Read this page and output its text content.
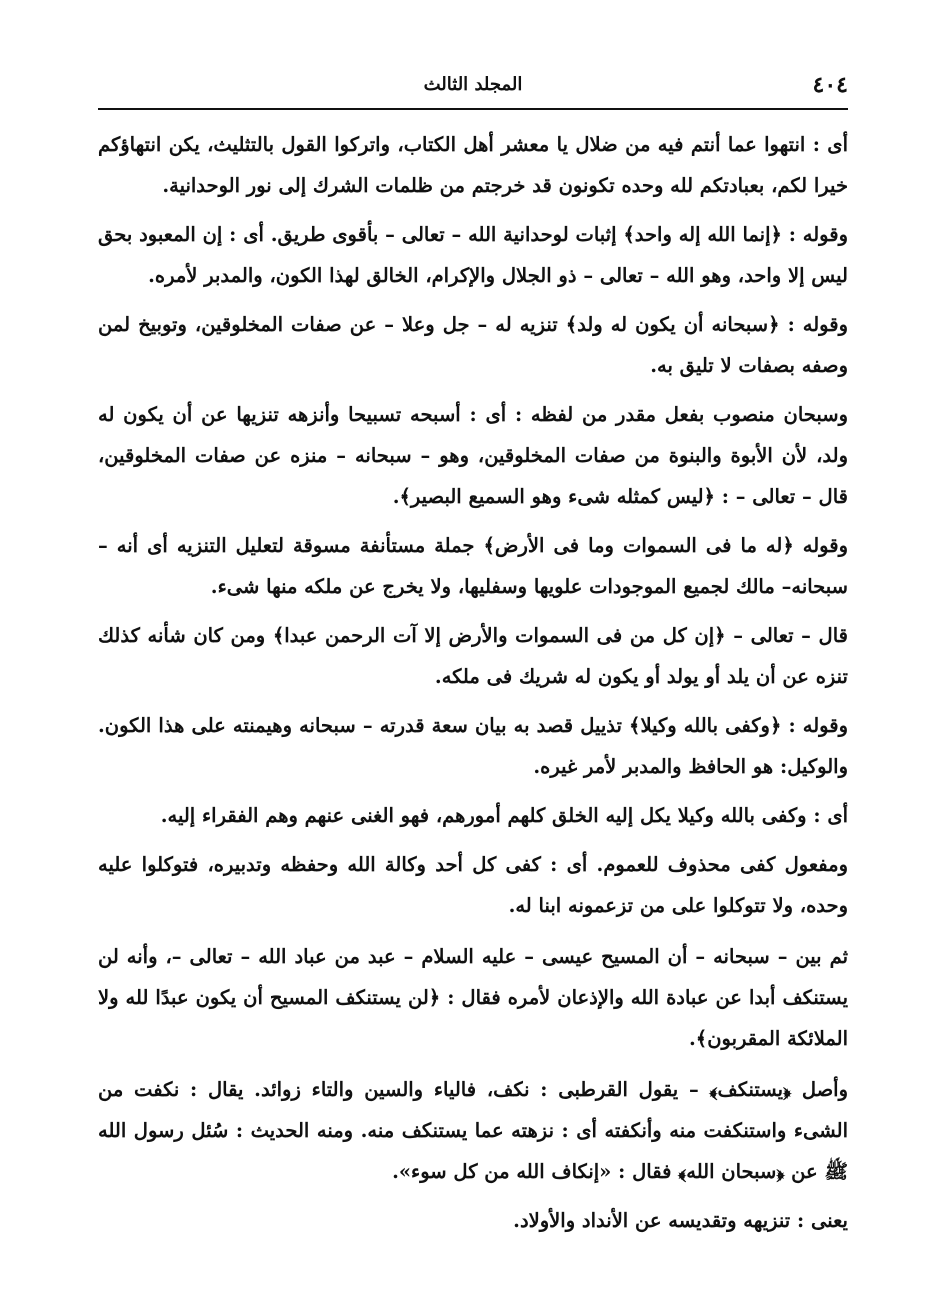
٤٠٤
المجلد الثالث

أى : انتهوا عما أنتم فيه من ضلال يا معشر أهل الكتاب، واتركوا القول بالتثليث، يكن انتهاؤكم خيرا لكم، بعبادتكم لله وحده تكونون قد خرجتم من ظلمات الشرك إلى نور الوحدانية.

وقوله : ﴿إنما الله إله واحد﴾ إثبات لوحدانية الله – تعالى – بأقوى طريق. أى : إن المعبود بحق ليس إلا واحد، وهو الله – تعالى – ذو الجلال والإكرام، الخالق لهذا الكون، والمدبر لأمره.

وقوله : ﴿سبحانه أن يكون له ولد﴾ تنزيه له – جل وعلا – عن صفات المخلوقين، وتوبيخ لمن وصفه بصفات لا تليق به.

وسبحان منصوب بفعل مقدر من لفظه : أى : أسبحه تسبيحا وأنزهه تنزيها عن أن يكون له ولد، لأن الأبوة والبنوة من صفات المخلوقين، وهو – سبحانه – منزه عن صفات المخلوقين، قال – تعالى – : ﴿ليس كمثله شىء وهو السميع البصير﴾.

وقوله ﴿له ما فى السموات وما فى الأرض﴾ جملة مستأنفة مسوقة لتعليل التنزيه أى أنه –سبحانه– مالك لجميع الموجودات علويها وسفليها، ولا يخرج عن ملكه منها شىء.

قال – تعالى – ﴿إن كل من فى السموات والأرض إلا آت الرحمن عبدا﴾ ومن كان شأنه كذلك تنزه عن أن يلد أو يولد أو يكون له شريك فى ملكه.

وقوله : ﴿وكفى بالله وكيلا﴾ تذييل قصد به بيان سعة قدرته – سبحانه وهيمنته على هذا الكون. والوكيل: هو الحافظ والمدبر لأمر غيره.

أى : وكفى بالله وكيلا يكل إليه الخلق كلهم أمورهم، فهو الغنى عنهم وهم الفقراء إليه.

ومفعول كفى محذوف للعموم. أى : كفى كل أحد وكالة الله وحفظه وتدبيره، فتوكلوا عليه وحده، ولا تتوكلوا على من تزعمونه ابنا له.

ثم بين – سبحانه – أن المسيح عيسى – عليه السلام – عبد من عباد الله – تعالى –، وأنه لن يستنكف أبدا عن عبادة الله والإذعان لأمره فقال : ﴿لن يستنكف المسيح أن يكون عبدًا لله ولا الملائكة المقربون﴾.

وأصل ﴿يستنكف﴾ – يقول القرطبى : نكف، فالياء والسين والتاء زوائد. يقال : نكفت من الشىء واستنكفت منه وأنكفته أى : نزهته عما يستنكف منه. ومنه الحديث : سُئل رسول الله ﷺ عن ﴿سبحان الله﴾ فقال : «إنكاف الله من كل سوء».

يعنى : تنزيهه وتقديسه عن الأنداد والأولاد.
